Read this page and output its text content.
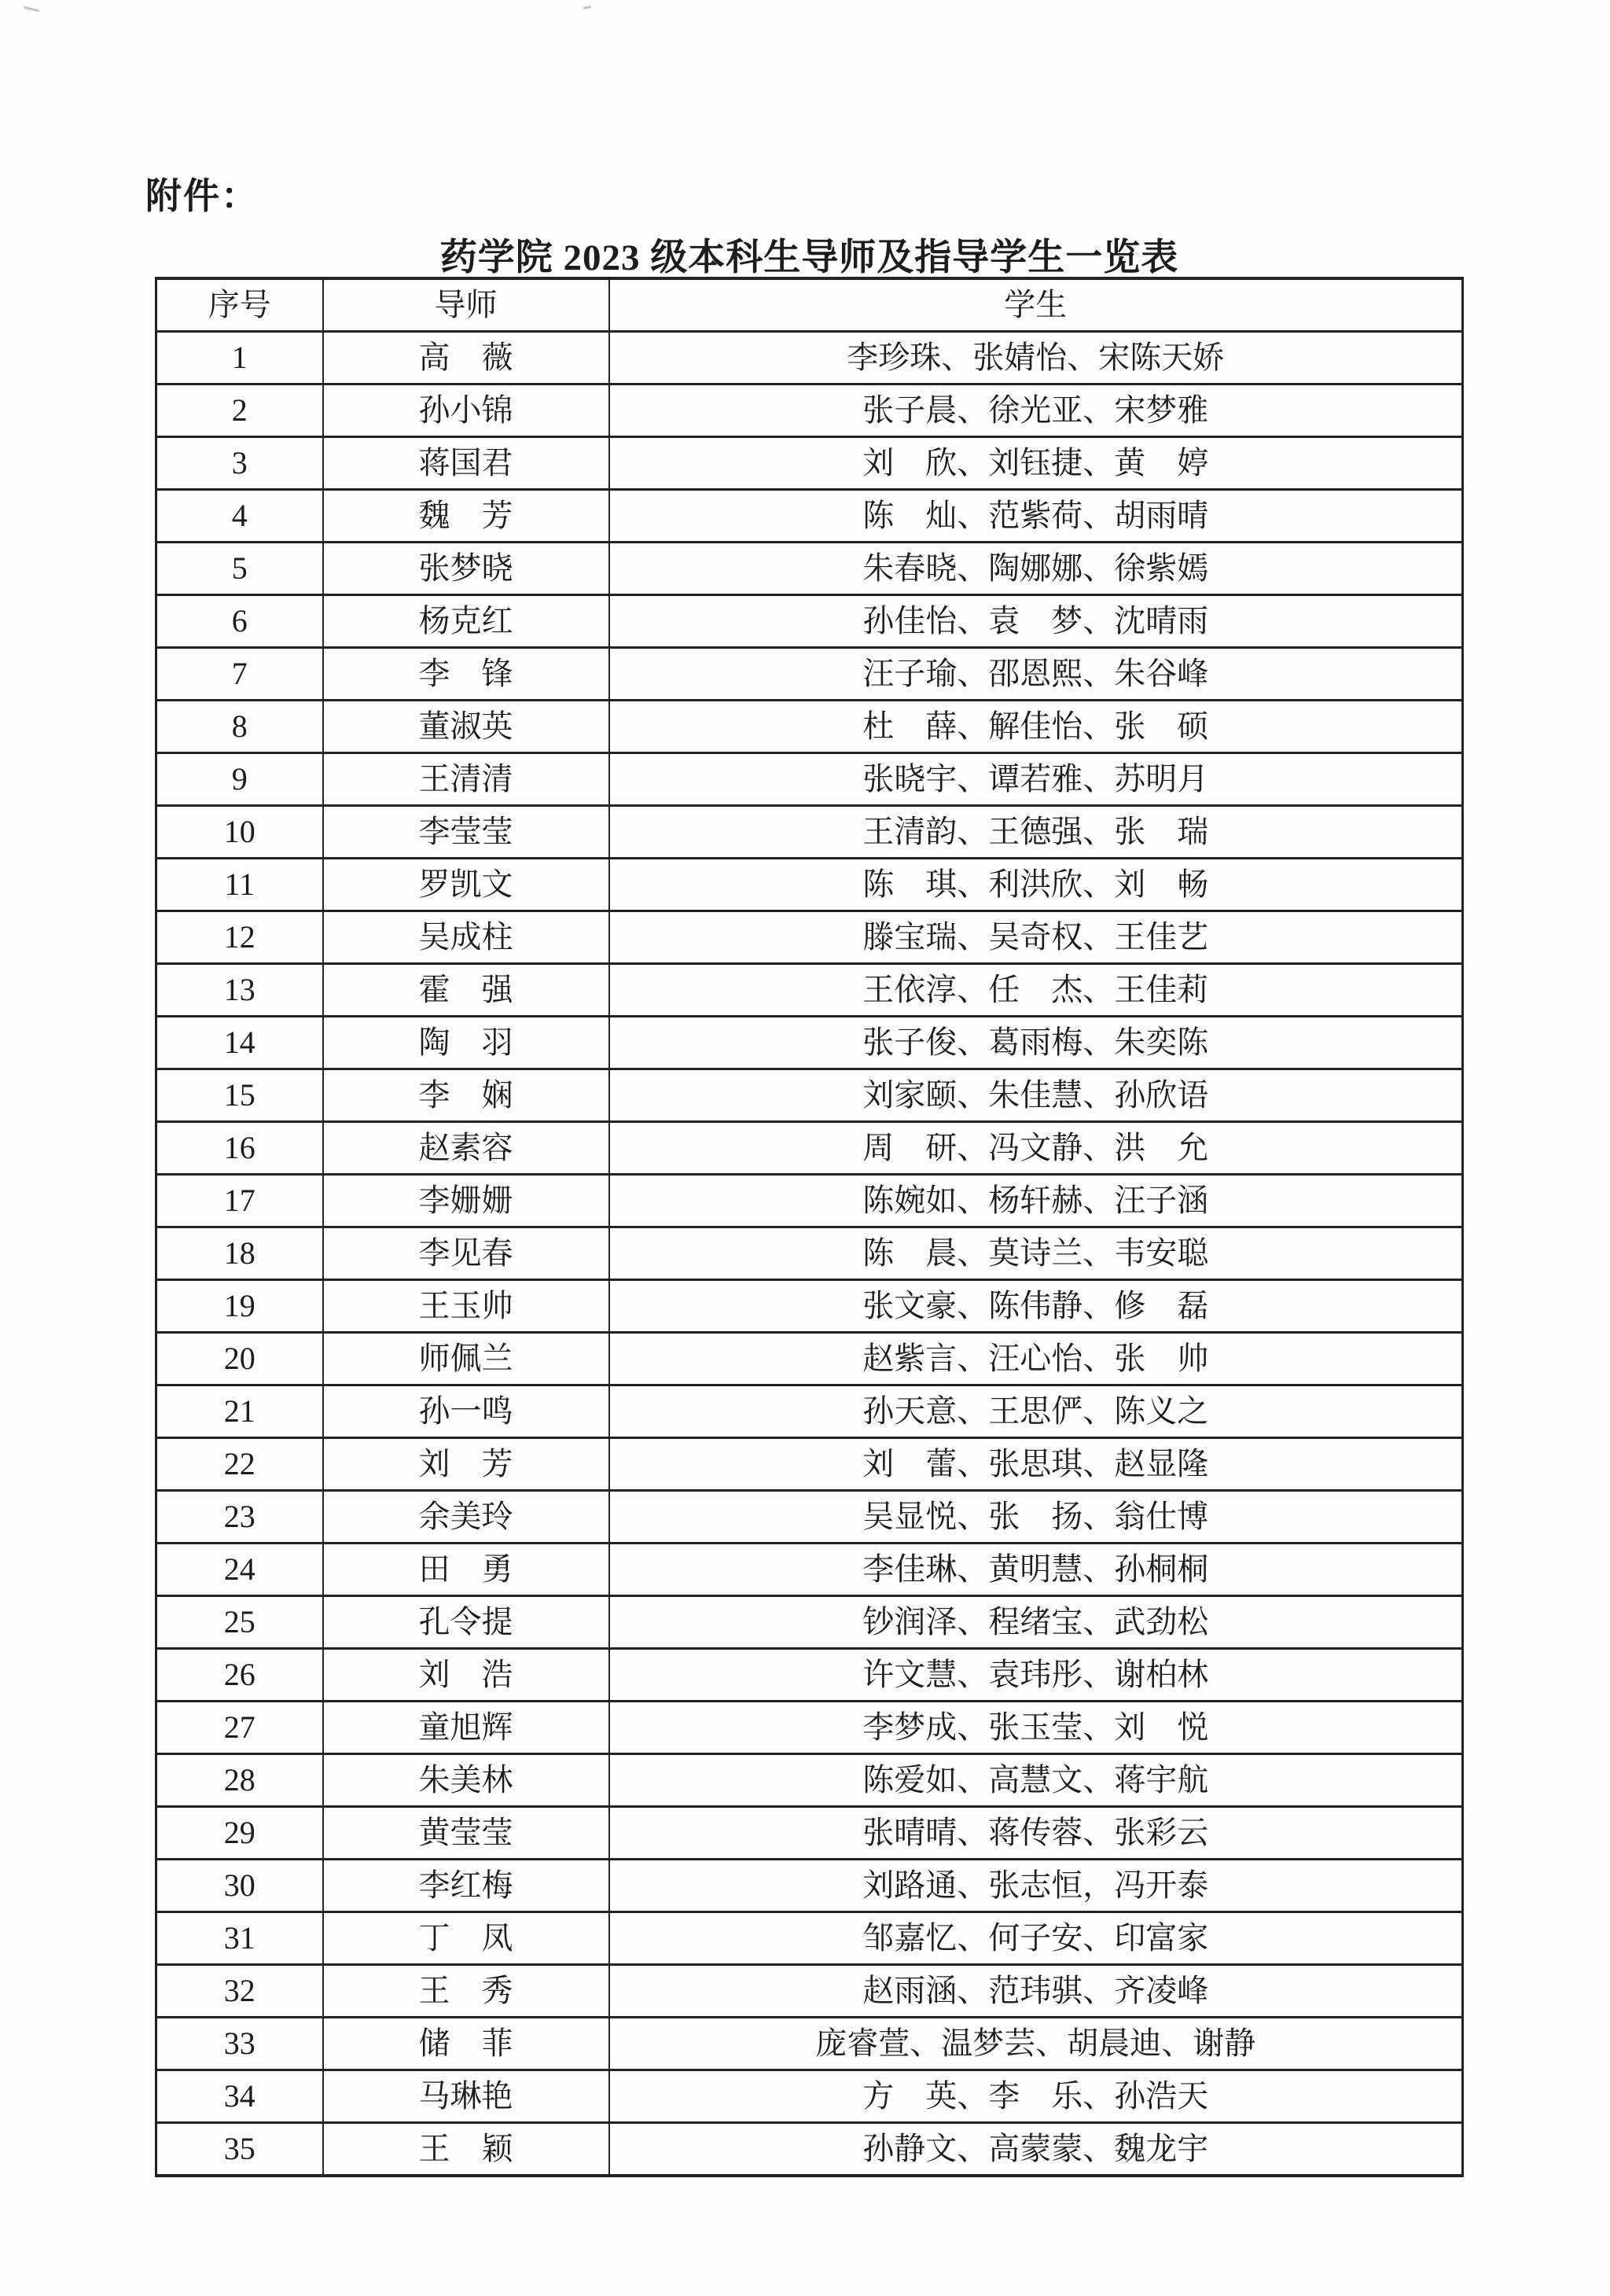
附件：
药学院 2023 级本科生导师及指导学生一览表
序号	导师	学生
1	高　薇	李珍珠、张婧怡、宋陈天娇
2	孙小锦	张子晨、徐光亚、宋梦雅
3	蒋国君	刘　欣、刘钰捷、黄　婷
4	魏　芳	陈　灿、范紫荷、胡雨晴
5	张梦晓	朱春晓、陶娜娜、徐紫嫣
6	杨克红	孙佳怡、袁　梦、沈晴雨
7	李　锋	汪子瑜、邵恩熙、朱谷峰
8	董淑英	杜　薛、解佳怡、张　硕
9	王清清	张晓宇、谭若雅、苏明月
10	李莹莹	王清韵、王德强、张　瑞
11	罗凯文	陈　琪、利洪欣、刘　畅
12	吴成柱	滕宝瑞、吴奇权、王佳艺
13	霍　强	王依淳、任　杰、王佳莉
14	陶　羽	张子俊、葛雨梅、朱奕陈
15	李　娴	刘家颐、朱佳慧、孙欣语
16	赵素容	周　研、冯文静、洪　允
17	李姗姗	陈婉如、杨轩赫、汪子涵
18	李见春	陈　晨、莫诗兰、韦安聪
19	王玉帅	张文豪、陈伟静、修　磊
20	师佩兰	赵紫言、汪心怡、张　帅
21	孙一鸣	孙天意、王思俨、陈义之
22	刘　芳	刘　蕾、张思琪、赵显隆
23	余美玲	吴显悦、张　扬、翁仕博
24	田　勇	李佳琳、黄明慧、孙桐桐
25	孔令提	钞润泽、程绪宝、武劲松
26	刘　浩	许文慧、袁玮彤、谢柏林
27	童旭辉	李梦成、张玉莹、刘　悦
28	朱美林	陈爱如、高慧文、蒋宇航
29	黄莹莹	张晴晴、蒋传蓉、张彩云
30	李红梅	刘路通、张志恒，冯开泰
31	丁　凤	邹嘉忆、何子安、印富家
32	王　秀	赵雨涵、范玮骐、齐凌峰
33	储　菲	庞睿萱、温梦芸、胡晨迪、谢静
34	马琳艳	方　英、李　乐、孙浩天
35	王　颖	孙静文、高蒙蒙、魏龙宇
